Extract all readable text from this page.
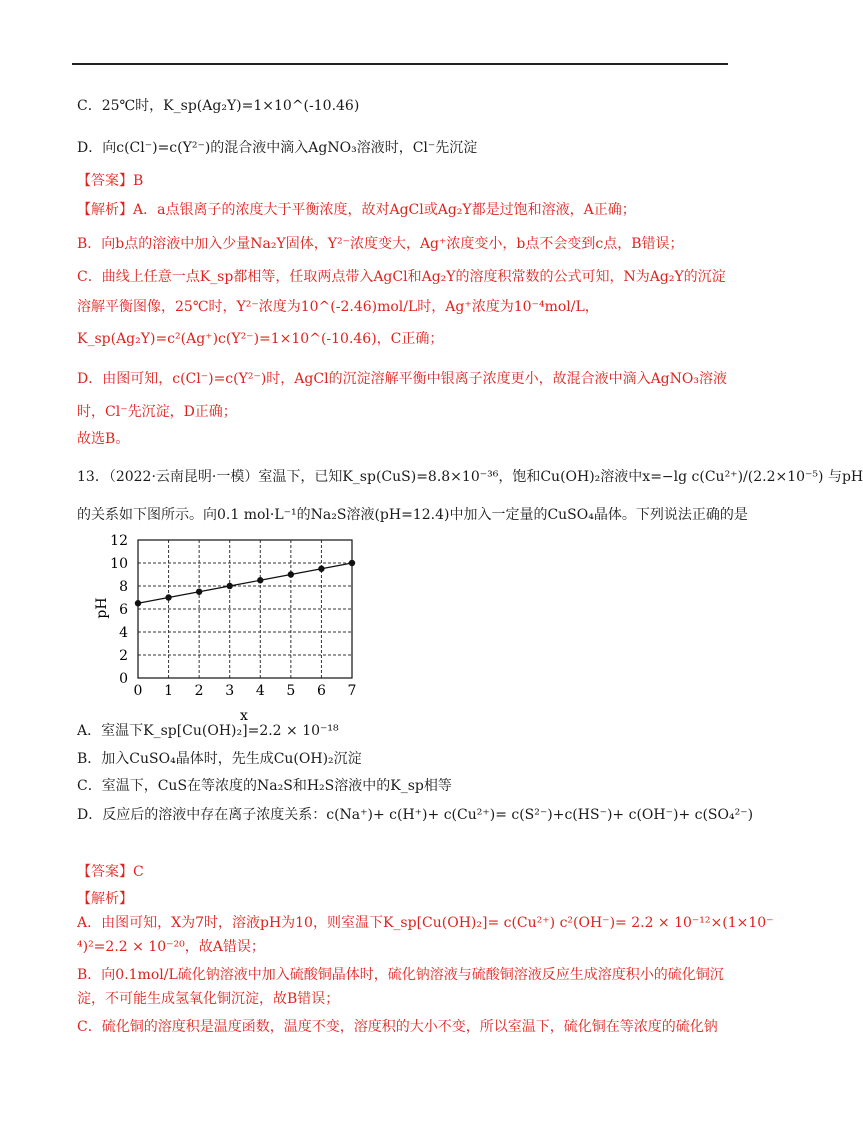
C．25℃时，K_sp(Ag₂Y)=1×10^(-10.46)
D．向c(Cl⁻)=c(Y²⁻)的混合液中滴入AgNO₃溶液时，Cl⁻先沉淀
【答案】B
【解析】A．a点银离子的浓度大于平衡浓度，故对AgCl或Ag₂Y都是过饱和溶液，A正确；
B．向b点的溶液中加入少量Na₂Y固体，Y²⁻浓度变大，Ag⁺浓度变小，b点不会变到c点，B错误；
C．曲线上任意一点K_sp都相等，任取两点带入AgCl和Ag₂Y的溶度积常数的公式可知，N为Ag₂Y的沉淀
溶解平衡图像，25℃时，Y²⁻浓度为10^(-2.46)mol/L时，Ag⁺浓度为10⁻⁴mol/L，
K_sp(Ag₂Y)=c²(Ag⁺)c(Y²⁻)=1×10^(-10.46)，C正确；
D．由图可知，c(Cl⁻)=c(Y²⁻)时，AgCl的沉淀溶解平衡中银离子浓度更小，故混合液中滴入AgNO₃溶液
时，Cl⁻先沉淀，D正确；
故选B。
13．（2022·云南昆明·一模）室温下，已知K_sp(CuS)=8.8×10⁻³⁶，饱和Cu(OH)₂溶液中x=−lg c(Cu²⁺)/(2.2×10⁻⁵) 与pH
的关系如下图所示。向0.1 mol·L⁻¹的Na₂S溶液(pH=12.4)中加入一定量的CuSO₄晶体。下列说法正确的是
0 1 2 3 4 5 6 7
0
2
4
6
8
10
12
x
pH
A．室温下K_sp[Cu(OH)₂]=2.2 × 10⁻¹⁸
B．加入CuSO₄晶体时，先生成Cu(OH)₂沉淀
C．室温下，CuS在等浓度的Na₂S和H₂S溶液中的K_sp相等
D．反应后的溶液中存在离子浓度关系：c(Na⁺)+ c(H⁺)+ c(Cu²⁺)= c(S²⁻)+c(HS⁻)+ c(OH⁻)+ c(SO₄²⁻)
【答案】C
【解析】
A．由图可知，X为7时，溶液pH为10，则室温下K_sp[Cu(OH)₂]= c(Cu²⁺) c²(OH⁻)= 2.2 × 10⁻¹²×(1×10⁻
⁴)²=2.2 × 10⁻²⁰，故A错误；
B．向0.1mol/L硫化钠溶液中加入硫酸铜晶体时，硫化钠溶液与硫酸铜溶液反应生成溶度积小的硫化铜沉
淀，不可能生成氢氧化铜沉淀，故B错误；
C．硫化铜的溶度积是温度函数，温度不变，溶度积的大小不变，所以室温下，硫化铜在等浓度的硫化钠
